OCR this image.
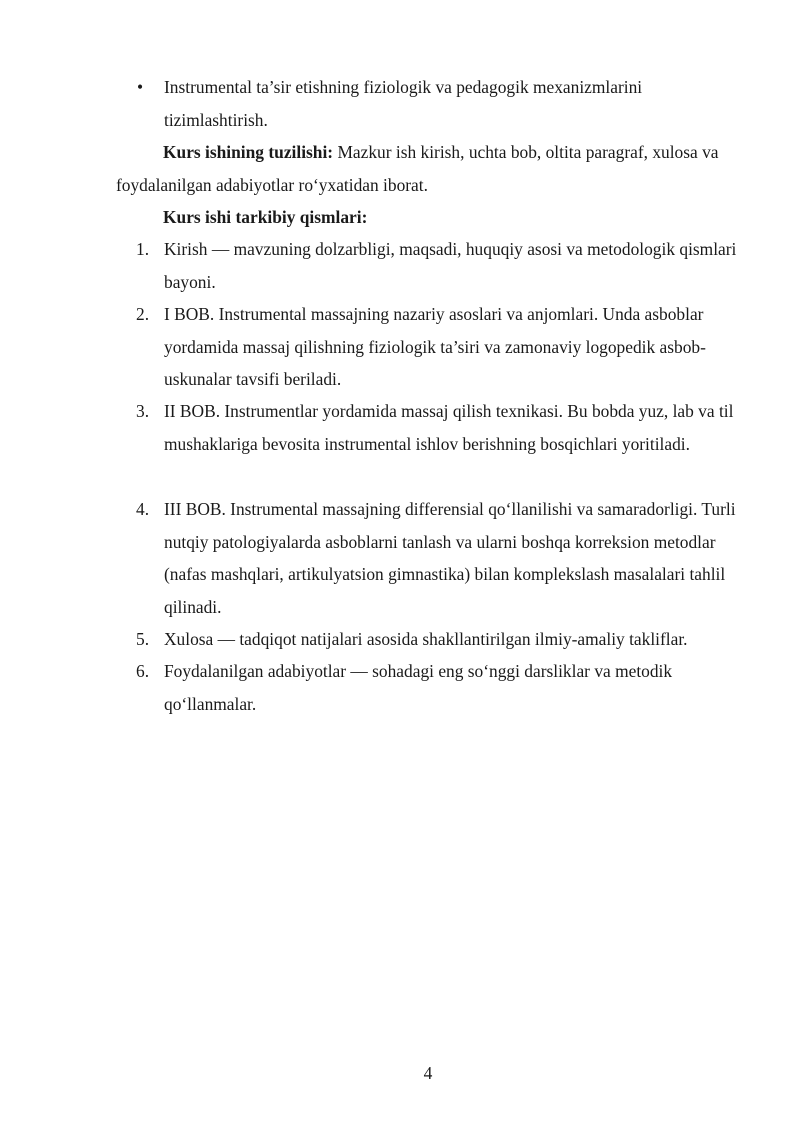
• Instrumental ta’sir etishning fiziologik va pedagogik mexanizmlarini tizimlashtirish.
Kurs ishining tuzilishi: Mazkur ish kirish, uchta bob, oltita paragraf, xulosa va foydalanilgan adabiyotlar ro‘yxatidan iborat.
Kurs ishi tarkibiy qismlari:
1. Kirish — mavzuning dolzarbligi, maqsadi, huquqiy asosi va metodologik qismlari bayoni.
2. I BOB. Instrumental massajning nazariy asoslari va anjomlari. Unda asboblar yordamida massaj qilishning fiziologik ta’siri va zamonaviy logopedik asbob-uskunalar tavsifi beriladi.
3. II BOB. Instrumentlar yordamida massaj qilish texnikasi. Bu bobda yuz, lab va til mushaklariga bevosita instrumental ishlov berishning bosqichlari yoritiladi.
4. III BOB. Instrumental massajning differensial qo‘llanilishi va samaradorligi. Turli nutqiy patologiyalarda asboblarni tanlash va ularni boshqa korreksion metodlar (nafas mashqlari, artikulyatsion gimnastika) bilan komplekslash masalalari tahlil qilinadi.
5. Xulosa — tadqiqot natijalari asosida shakllantirilgan ilmiy-amaliy takliflar.
6. Foydalanilgan adabiyotlar — sohadagi eng so‘nggi darsliklar va metodik qo‘llanmalar.
4
